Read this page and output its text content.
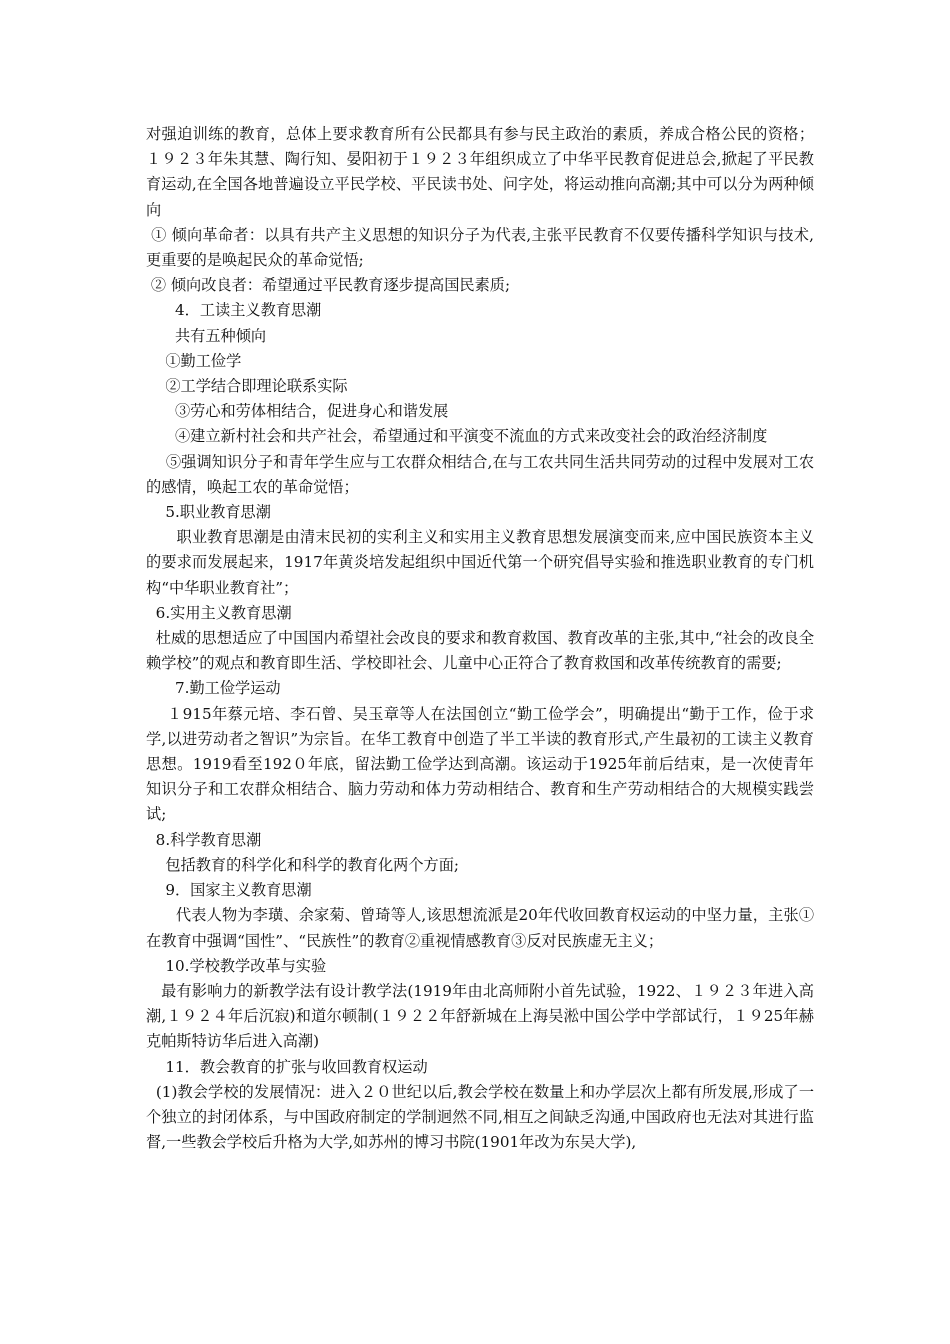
对强迫训练的教育，总体上要求教育所有公民都具有参与民主政治的素质，养成合格公民的资格；１９２３年朱其慧、陶行知、晏阳初于１９２３年组织成立了中华平民教育促进总会,掀起了平民教育运动,在全国各地普遍设立平民学校、平民读书处、问字处，将运动推向高潮;其中可以分为两种倾向

① 倾向革命者：以具有共产主义思想的知识分子为代表,主张平民教育不仅要传播科学知识与技术,更重要的是唤起民众的革命觉悟;

② 倾向改良者：希望通过平民教育逐步提高国民素质;

4．工读主义教育思潮

共有五种倾向

①勤工俭学

②工学结合即理论联系实际

③劳心和劳体相结合，促进身心和谐发展

④建立新村社会和共产社会，希望通过和平演变不流血的方式来改变社会的政治经济制度

⑤强调知识分子和青年学生应与工农群众相结合,在与工农共同生活共同劳动的过程中发展对工农的感情，唤起工农的革命觉悟；

5.职业教育思潮

职业教育思潮是由清末民初的实利主义和实用主义教育思想发展演变而来,应中国民族资本主义的要求而发展起来，1917年黄炎培发起组织中国近代第一个研究倡导实验和推选职业教育的专门机构“中华职业教育社”；

6.实用主义教育思潮

杜威的思想适应了中国国内希望社会改良的要求和教育救国、教育改革的主张,其中,“社会的改良全赖学校”的观点和教育即生活、学校即社会、儿童中心正符合了教育救国和改革传统教育的需要;

7.勤工俭学运动

１915年蔡元培、李石曾、吴玉章等人在法国创立“勤工俭学会”，明确提出“勤于工作，俭于求学,以进劳动者之智识”为宗旨。在华工教育中创造了半工半读的教育形式,产生最初的工读主义教育思想。1919看至192０年底，留法勤工俭学达到高潮。该运动于1925年前后结束，是一次使青年知识分子和工农群众相结合、脑力劳动和体力劳动相结合、教育和生产劳动相结合的大规模实践尝试;

8.科学教育思潮

包括教育的科学化和科学的教育化两个方面;

9．国家主义教育思潮

代表人物为李璜、余家菊、曾琦等人,该思想流派是20年代收回教育权运动的中坚力量，主张①在教育中强调“国性”、“民族性”的教育②重视情感教育③反对民族虚无主义；

10.学校教学改革与实验

最有影响力的新教学法有设计教学法(1919年由北高师附小首先试验，1922、１９２３年进入高潮,１９２４年后沉寂)和道尔顿制(１９２２年舒新城在上海吴淞中国公学中学部试行，１９25年赫克帕斯特访华后进入高潮)

11．教会教育的扩张与收回教育权运动

(1)教会学校的发展情况：进入２０世纪以后,教会学校在数量上和办学层次上都有所发展,形成了一个独立的封闭体系，与中国政府制定的学制迥然不同,相互之间缺乏沟通,中国政府也无法对其进行监督,一些教会学校后升格为大学,如苏州的博习书院(1901年改为东吴大学),
